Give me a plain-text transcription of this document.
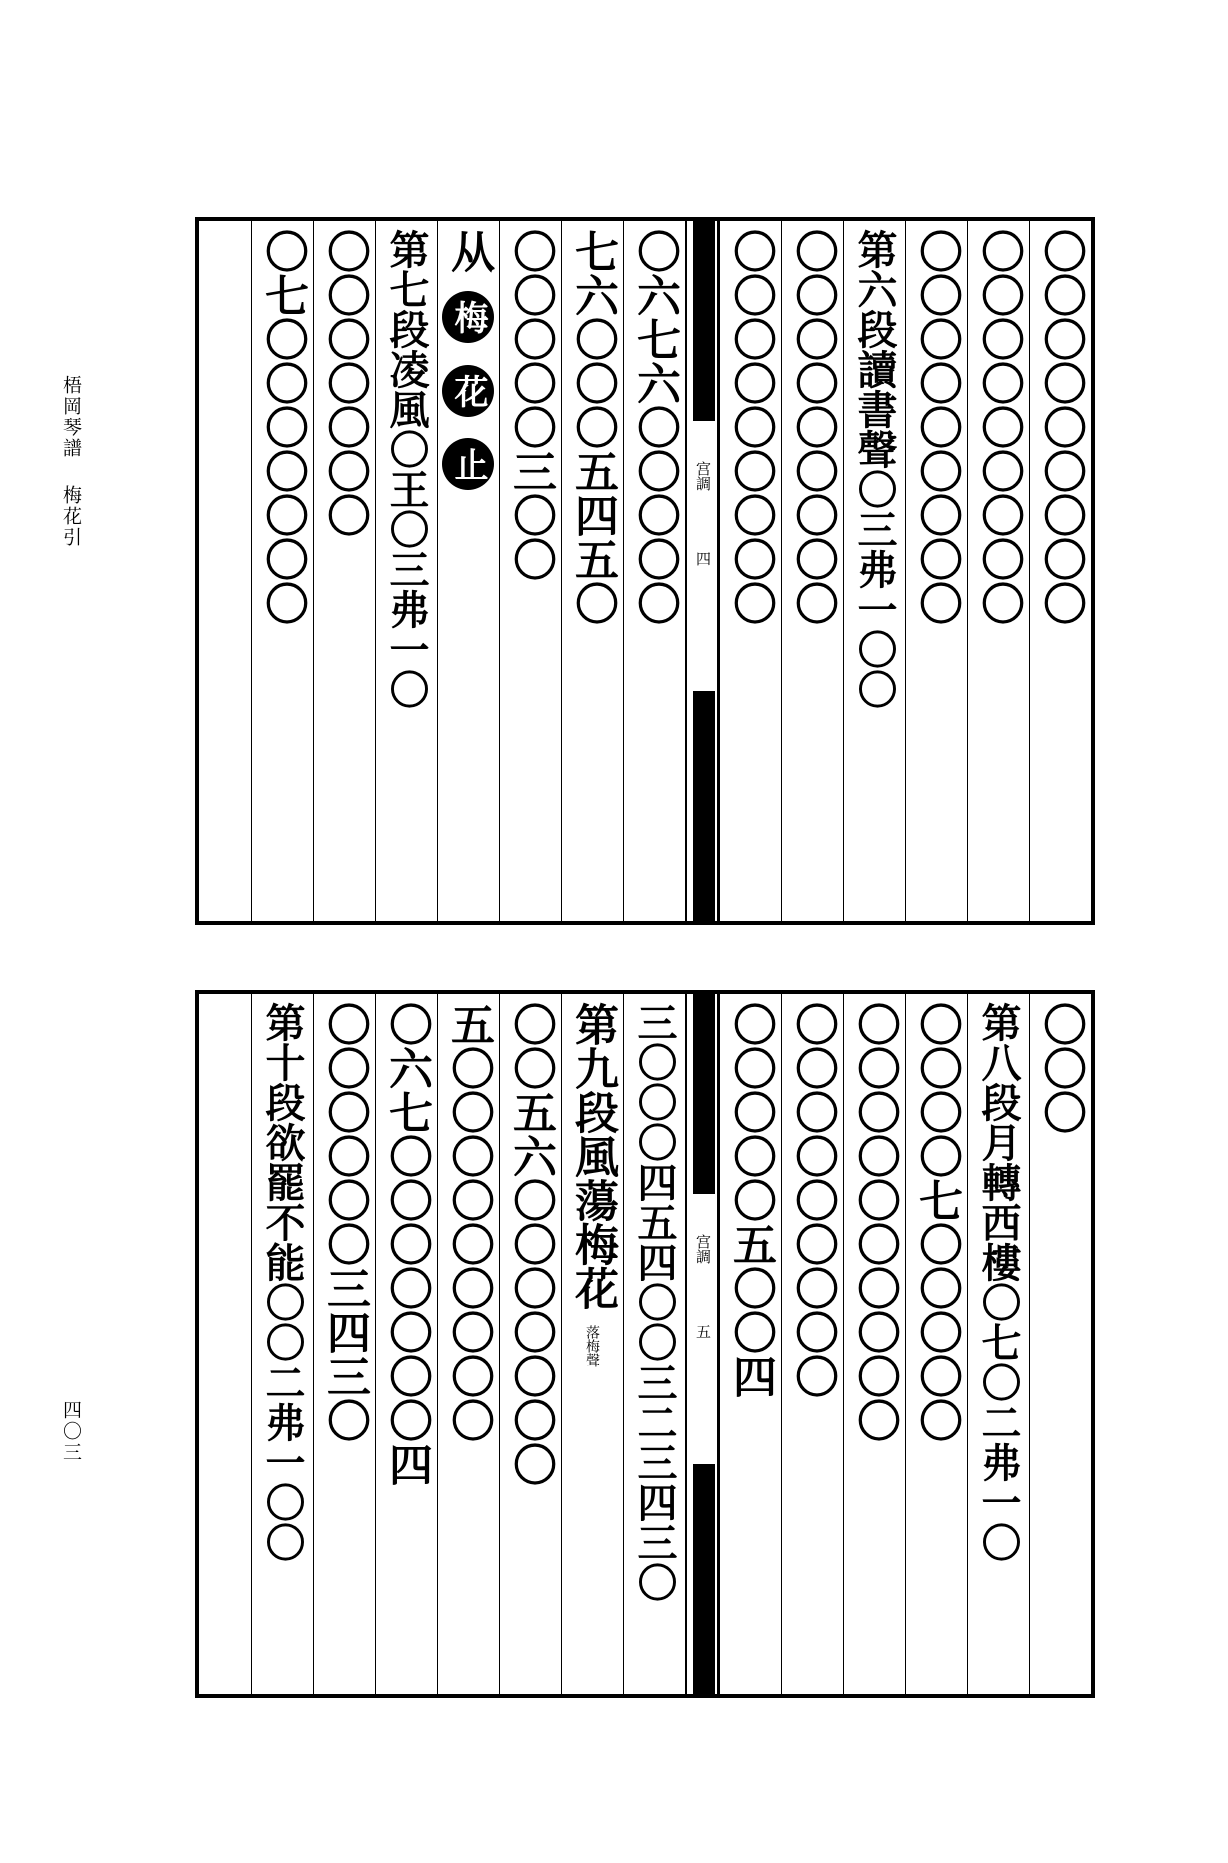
梧岡琴譜 梅花引
四〇三
〇〇〇〇〇〇〇〇〇
〇〇〇〇〇〇〇〇〇
〇〇〇〇〇〇〇〇〇
第六段讀書聲〇三弗一〇〇
〇〇〇〇〇〇〇〇〇
〇〇〇〇〇〇〇〇〇
宫調
四
〇六七六〇〇〇〇〇
七六〇〇〇五四五〇
〇〇〇〇〇三〇〇
从 梅 花 止
第七段凌風〇王〇三弗一〇
〇〇〇〇〇〇〇
〇七〇〇〇〇〇〇〇
〇〇〇
第八段月轉西樓〇七〇二弗一〇
〇〇〇〇七〇〇〇〇〇
〇〇〇〇〇〇〇〇〇〇
〇〇〇〇〇〇〇〇〇
〇〇〇〇〇五〇〇四
宫調
五
三〇〇〇四五四〇〇三二三四三〇
第九段風蕩梅花 落梅聲
〇〇五六〇〇〇〇〇〇〇
五〇〇〇〇〇〇〇〇〇
〇六七〇〇〇〇〇〇〇四
〇〇〇〇〇〇三四三〇
第十段欲罷不能〇〇二弗一〇〇
